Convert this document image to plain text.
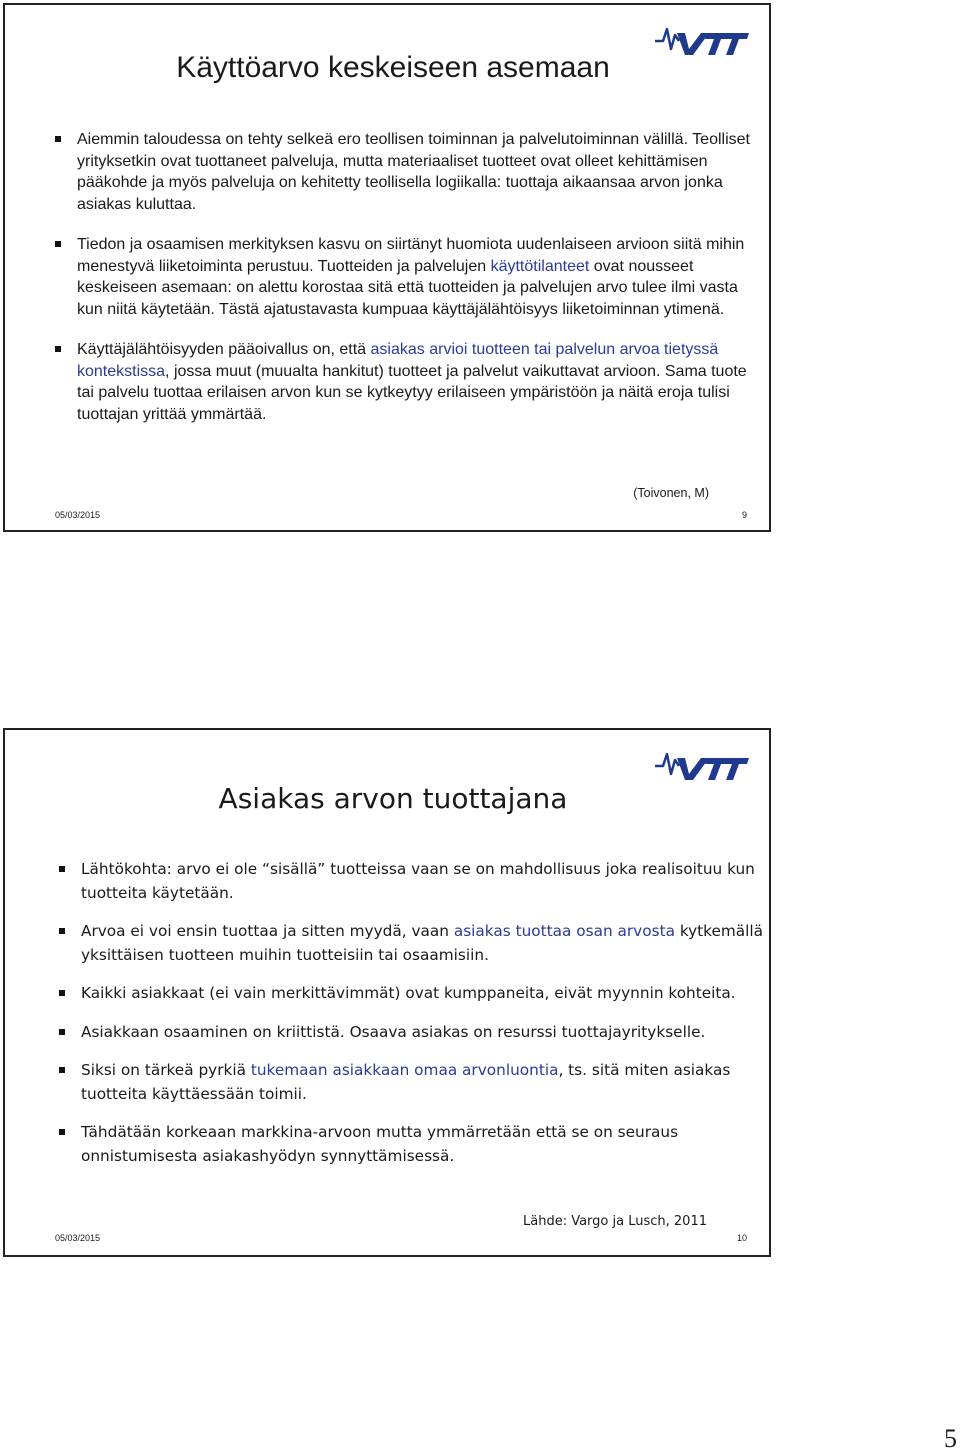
Käyttöarvo keskeiseen asemaan
Aiemmin taloudessa on tehty selkeä ero teollisen toiminnan ja palvelutoiminnan välillä. Teolliset yrityksetkin ovat tuottaneet palveluja, mutta materiaaliset tuotteet ovat olleet kehittämisen pääkohde ja myös palveluja on kehitetty teollisella logiikalla: tuottaja aikaansaa arvon jonka asiakas kuluttaa.
Tiedon ja osaamisen merkityksen kasvu on siirtänyt huomiota uudenlaiseen arvioon siitä mihin menestyvä liiketoiminta perustuu. Tuotteiden ja palvelujen käyttötilanteet ovat nousseet keskeiseen asemaan: on alettu korostaa sitä että tuotteiden ja palvelujen arvo tulee ilmi vasta kun niitä käytetään. Tästä ajatustavasta kumpuaa käyttäjälähtöisyys liiketoiminnan ytimenä.
Käyttäjälähtöisyyden pääoivallus on, että asiakas arvioi tuotteen tai palvelun arvoa tietyssä kontekstissa, jossa muut (muualta hankitut) tuotteet ja palvelut vaikuttavat arvioon. Sama tuote tai palvelu tuottaa erilaisen arvon kun se kytkeytyy erilaiseen ympäristöön ja näitä eroja tulisi tuottajan yrittää ymmärtää.
(Toivonen, M)
05/03/2015	9
Asiakas arvon tuottajana
Lähtökohta: arvo ei ole “sisällä” tuotteissa vaan se on mahdollisuus joka realisoituu kun tuotteita käytetään.
Arvoa ei voi ensin tuottaa ja sitten myydä, vaan asiakas tuottaa osan arvosta kytkemällä yksittäisen tuotteen muihin tuotteisiin tai osaamisiin.
Kaikki asiakkaat (ei vain merkittävimmät) ovat kumppaneita, eivät myynnin kohteita.
Asiakkaan osaaminen on kriittistä. Osaava asiakas on resurssi tuottajayritykselle.
Siksi on tärkeä pyrkiä tukemaan asiakkaan omaa arvonluontia, ts. sitä miten asiakas tuotteita käyttäessään toimii.
Tähdätään korkeaan markkina-arvoon mutta ymmärretään että se on seuraus onnistumisesta asiakashyödyn synnyttämisessä.
Lähde: Vargo ja Lusch, 2011
05/03/2015	10
5
